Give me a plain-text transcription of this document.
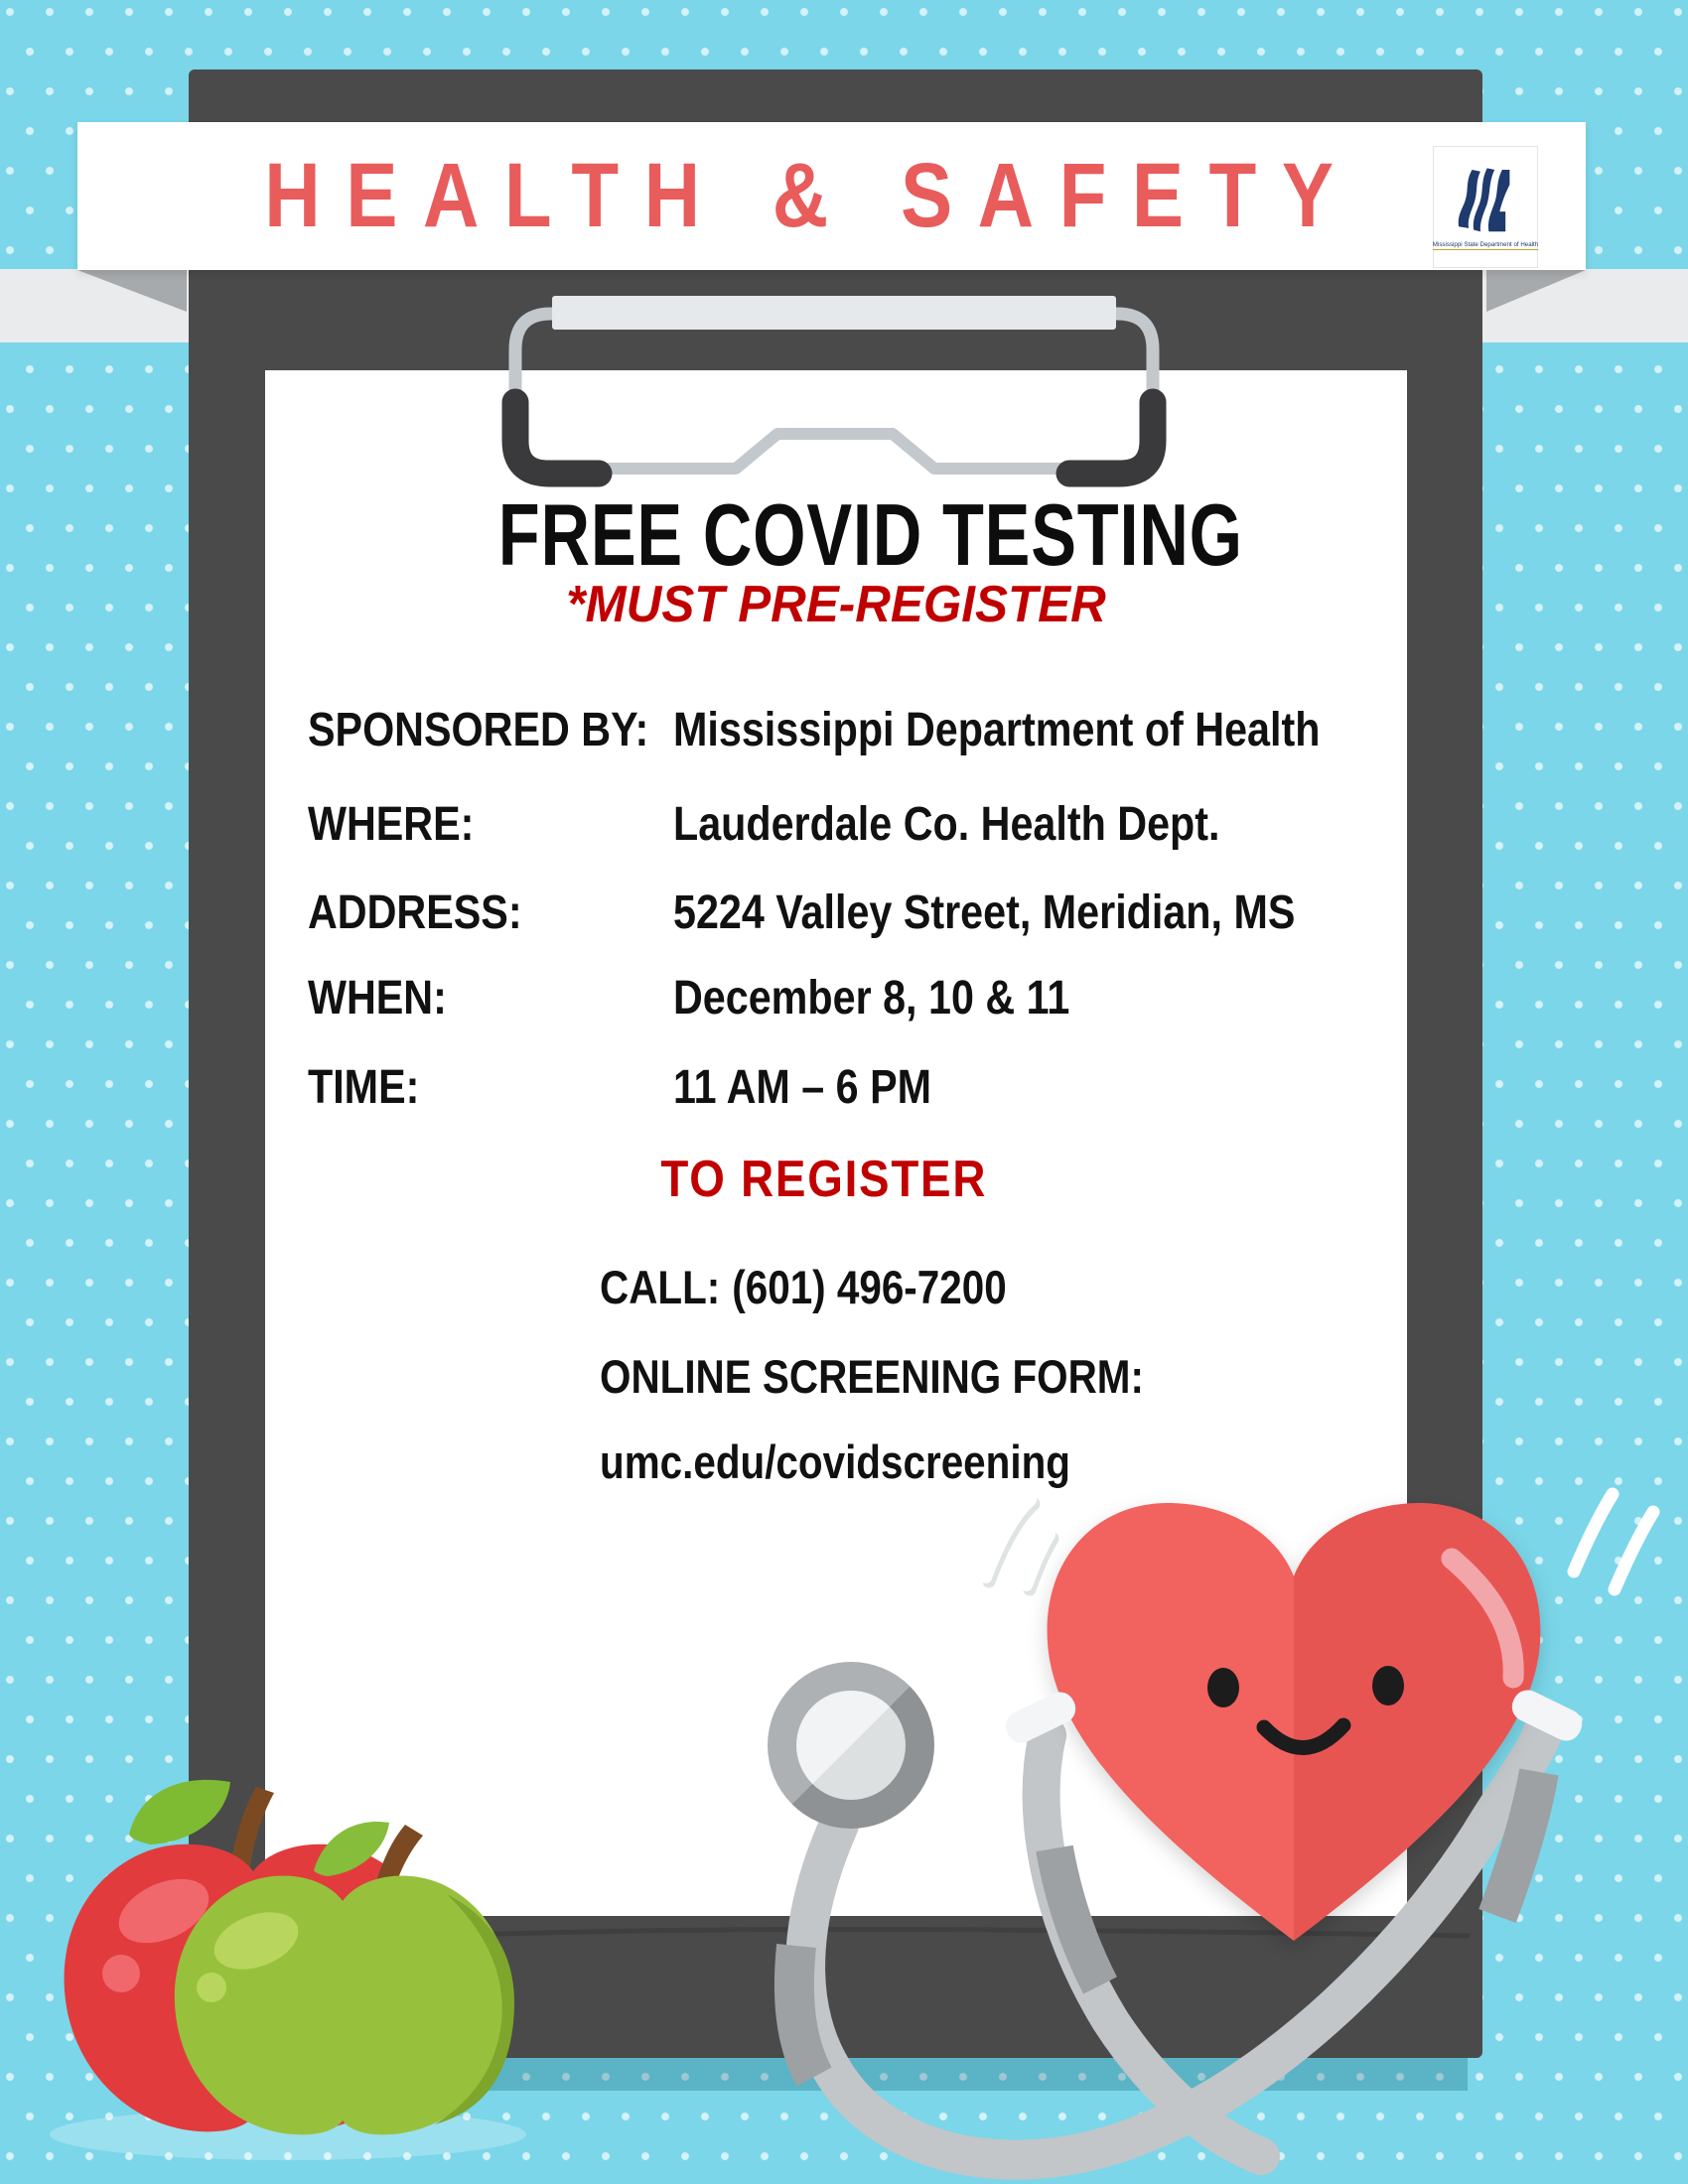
HEALTH & SAFETY	Mississippi State Department of Health
FREE COVID TESTING
*MUST PRE-REGISTER
SPONSORED BY: Mississippi Department of Health
WHERE:	Lauderdale Co. Health Dept.
ADDRESS:	5224 Valley Street, Meridian, MS
WHEN:	December 8, 10 & 11
TIME:	11 AM – 6 PM
TO REGISTER
CALL: (601) 496-7200
ONLINE SCREENING FORM:
umc.edu/covidscreening
